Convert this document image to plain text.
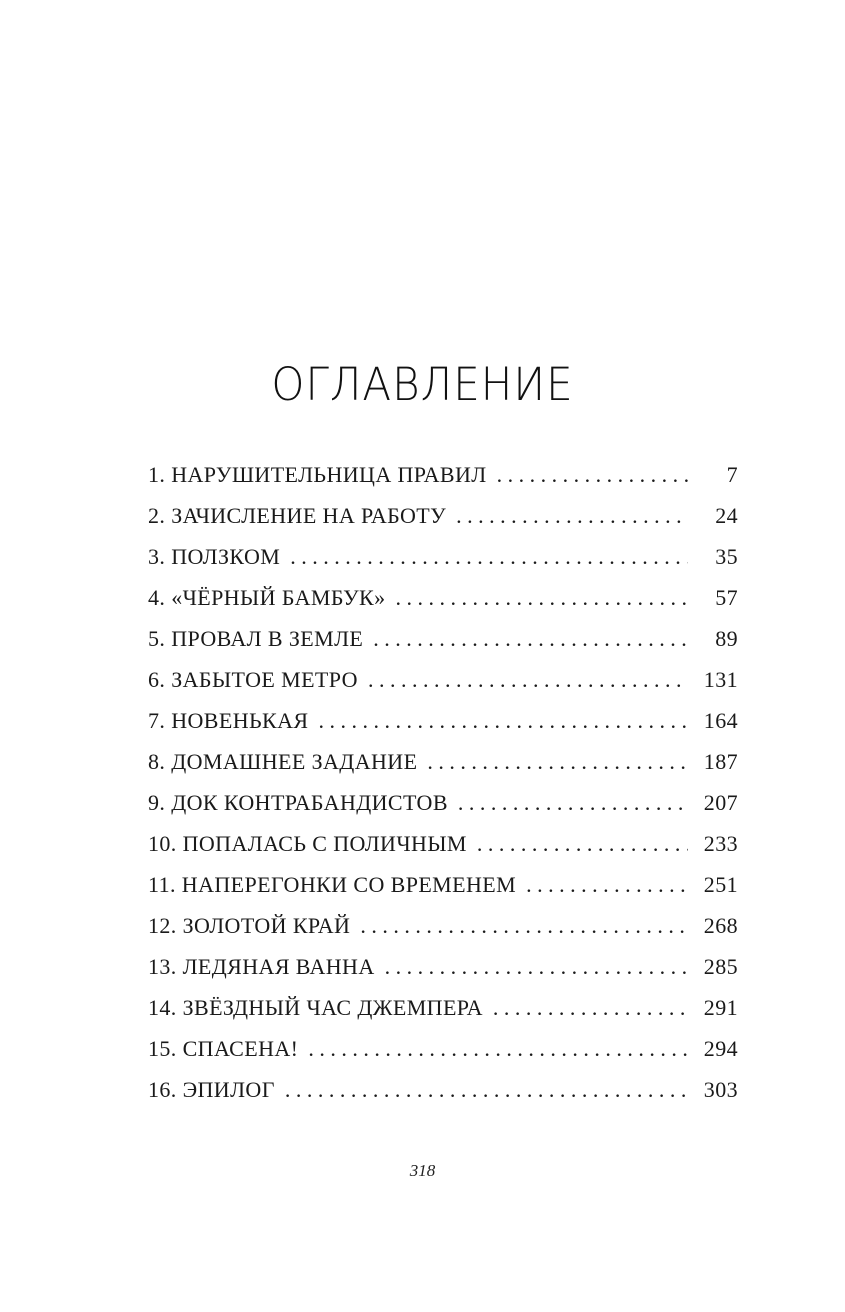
ОГЛАВЛЕНИЕ
1. НАРУШИТЕЛЬНИЦА ПРАВИЛ . . .	7
2. ЗАЧИСЛЕНИЕ НА РАБОТУ . . .	24
3. ПОЛЗКОМ . . .	35
4. «ЧЁРНЫЙ БАМБУК» . . .	57
5. ПРОВАЛ В ЗЕМЛЕ . . .	89
6. ЗАБЫТОЕ МЕТРО . . .	131
7. НОВЕНЬКАЯ . . .	164
8. ДОМАШНЕЕ ЗАДАНИЕ . . .	187
9. ДОК КОНТРАБАНДИСТОВ . . .	207
10. ПОПАЛАСЬ С ПОЛИЧНЫМ . . .	233
11. НАПЕРЕГОНКИ СО ВРЕМЕНЕМ . . .	251
12. ЗОЛОТОЙ КРАЙ . . .	268
13. ЛЕДЯНАЯ ВАННА . . .	285
14. ЗВЁЗДНЫЙ ЧАС ДЖЕМПЕРА . . .	291
15. СПАСЕНА! . . .	294
16. ЭПИЛОГ . . .	303
318
